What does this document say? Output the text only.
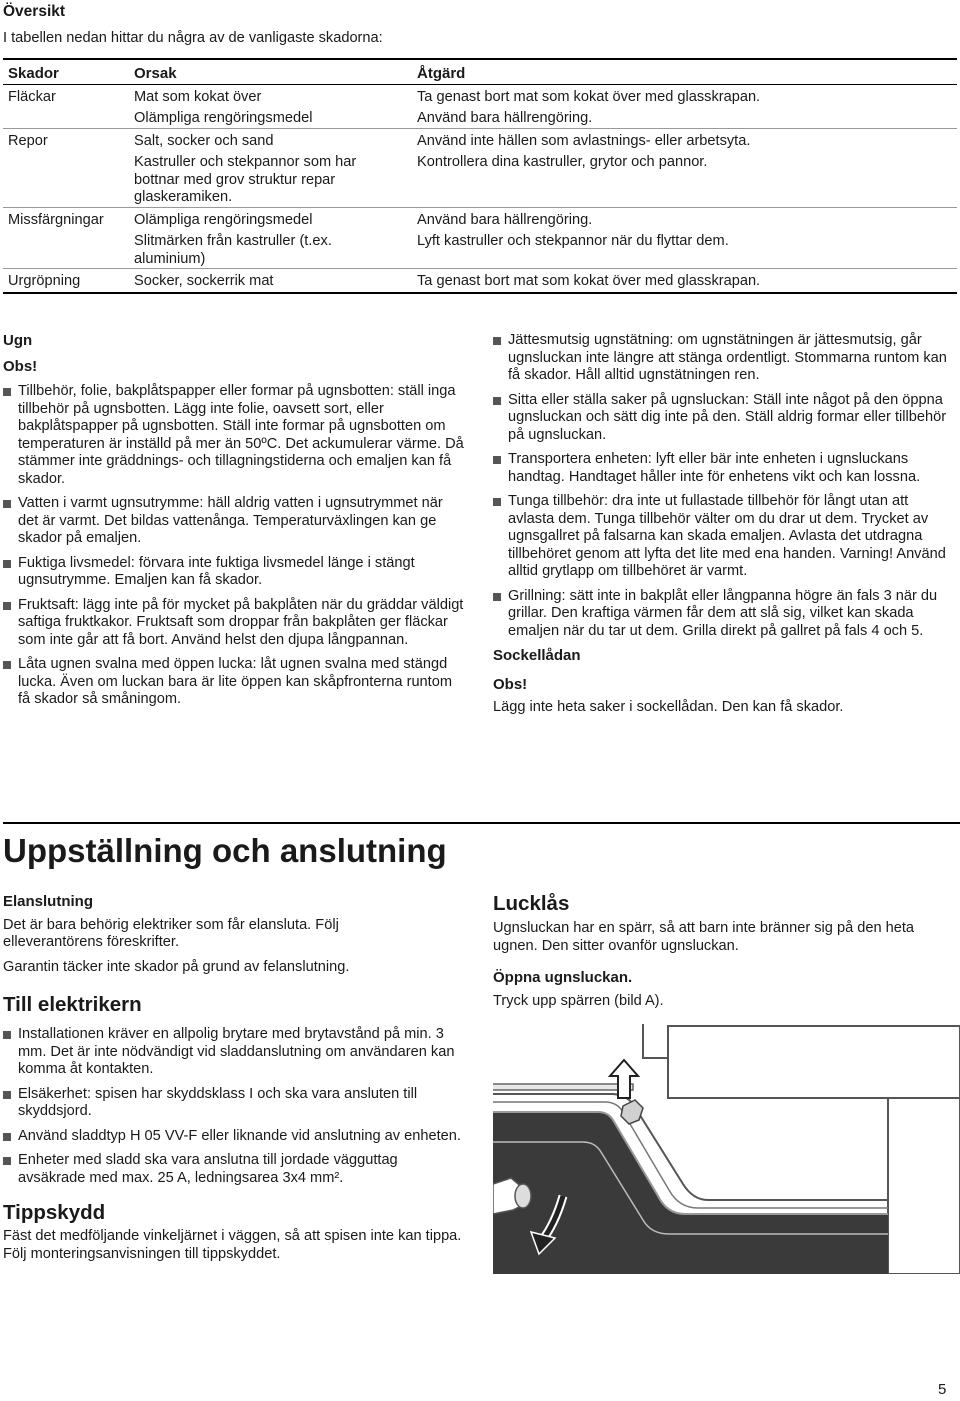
Översikt

I tabellen nedan hittar du några av de vanligaste skadorna:

Skador	Orsak	Åtgärd
Fläckar	Mat som kokat över	Ta genast bort mat som kokat över med glasskrapan.
	Olämpliga rengöringsmedel	Använd bara hällrengöring.
Repor	Salt, socker och sand	Använd inte hällen som avlastnings- eller arbetsyta.
	Kastruller och stekpannor som har bottnar med grov struktur repar glaskeramiken.	Kontrollera dina kastruller, grytor och pannor.
Missfärgningar	Olämpliga rengöringsmedel	Använd bara hällrengöring.
	Slitmärken från kastruller (t.ex. aluminium)	Lyft kastruller och stekpannor när du flyttar dem.
Urgröpning	Socker, sockerrik mat	Ta genast bort mat som kokat över med glasskrapan.
Ugn
Obs!
Tillbehör, folie, bakplåtspapper eller formar på ugnsbotten: ställ inga tillbehör på ugnsbotten. Lägg inte folie, oavsett sort, eller bakplåtspapper på ugnsbotten. Ställ inte formar på ugnsbotten om temperaturen är inställd på mer än 50ºC. Det ackumulerar värme. Då stämmer inte gräddnings- och tillagningstiderna och emaljen kan få skador.
Vatten i varmt ugnsutrymme: häll aldrig vatten i ugnsutrymmet när det är varmt. Det bildas vattenånga. Temperaturväxlingen kan ge skador på emaljen.
Fuktiga livsmedel: förvara inte fuktiga livsmedel länge i stängt ugnsutrymme. Emaljen kan få skador.
Fruktsaft: lägg inte på för mycket på bakplåten när du gräddar väldigt saftiga fruktkakor. Fruktsaft som droppar från bakplåten ger fläckar som inte går att få bort. Använd helst den djupa långpannan.
Låta ugnen svalna med öppen lucka: låt ugnen svalna med stängd lucka. Även om luckan bara är lite öppen kan skåpfronterna runtom få skador så småningom.
Jättesmutsig ugnstätning: om ugnstätningen är jättesmutsig, går ugnsluckan inte längre att stänga ordentligt. Stommarna runtom kan få skador. Håll alltid ugnstätningen ren.
Sitta eller ställa saker på ugnsluckan: Ställ inte något på den öppna ugnsluckan och sätt dig inte på den. Ställ aldrig formar eller tillbehör på ugnsluckan.
Transportera enheten: lyft eller bär inte enheten i ugnsluckans handtag. Handtaget håller inte för enhetens vikt och kan lossna.
Tunga tillbehör: dra inte ut fullastade tillbehör för långt utan att avlasta dem. Tunga tillbehör välter om du drar ut dem. Trycket av ugnsgallret på falsarna kan skada emaljen. Avlasta det utdragna tillbehöret genom att lyfta det lite med ena handen. Varning! Använd alltid grytlapp om tillbehöret är varmt.
Grillning: sätt inte in bakplåt eller långpanna högre än fals 3 när du grillar. Den kraftiga värmen får dem att slå sig, vilket kan skada emaljen när du tar ut dem. Grilla direkt på gallret på fals 4 och 5.
Sockellådan
Obs!

Lägg inte heta saker i sockellådan. Den kan få skador.

Uppställning och anslutning
Elanslutning

Det är bara behörig elektriker som får elansluta. Följ elleverantörens föreskrifter.

Garantin täcker inte skador på grund av felanslutning.

Till elektrikern
Installationen kräver en allpolig brytare med brytavstånd på min. 3 mm. Det är inte nödvändigt vid sladdanslutning om användaren kan komma åt kontakten.
Elsäkerhet: spisen har skyddsklass I och ska vara ansluten till skyddsjord.
Använd sladdtyp H 05 VV-F eller liknande vid anslutning av enheten.
Enheter med sladd ska vara anslutna till jordade vägguttag avsäkrade med max. 25 A, ledningsarea 3x4 mm².
Tippskydd

Fäst det medföljande vinkeljärnet i väggen, så att spisen inte kan tippa. Följ monteringsanvisningen till tippskyddet.

Lucklås

Ugnsluckan har en spärr, så att barn inte bränner sig på den heta ugnen. Den sitter ovanför ugnsluckan.

Öppna ugnsluckan.

Tryck upp spärren (bild A).

5
